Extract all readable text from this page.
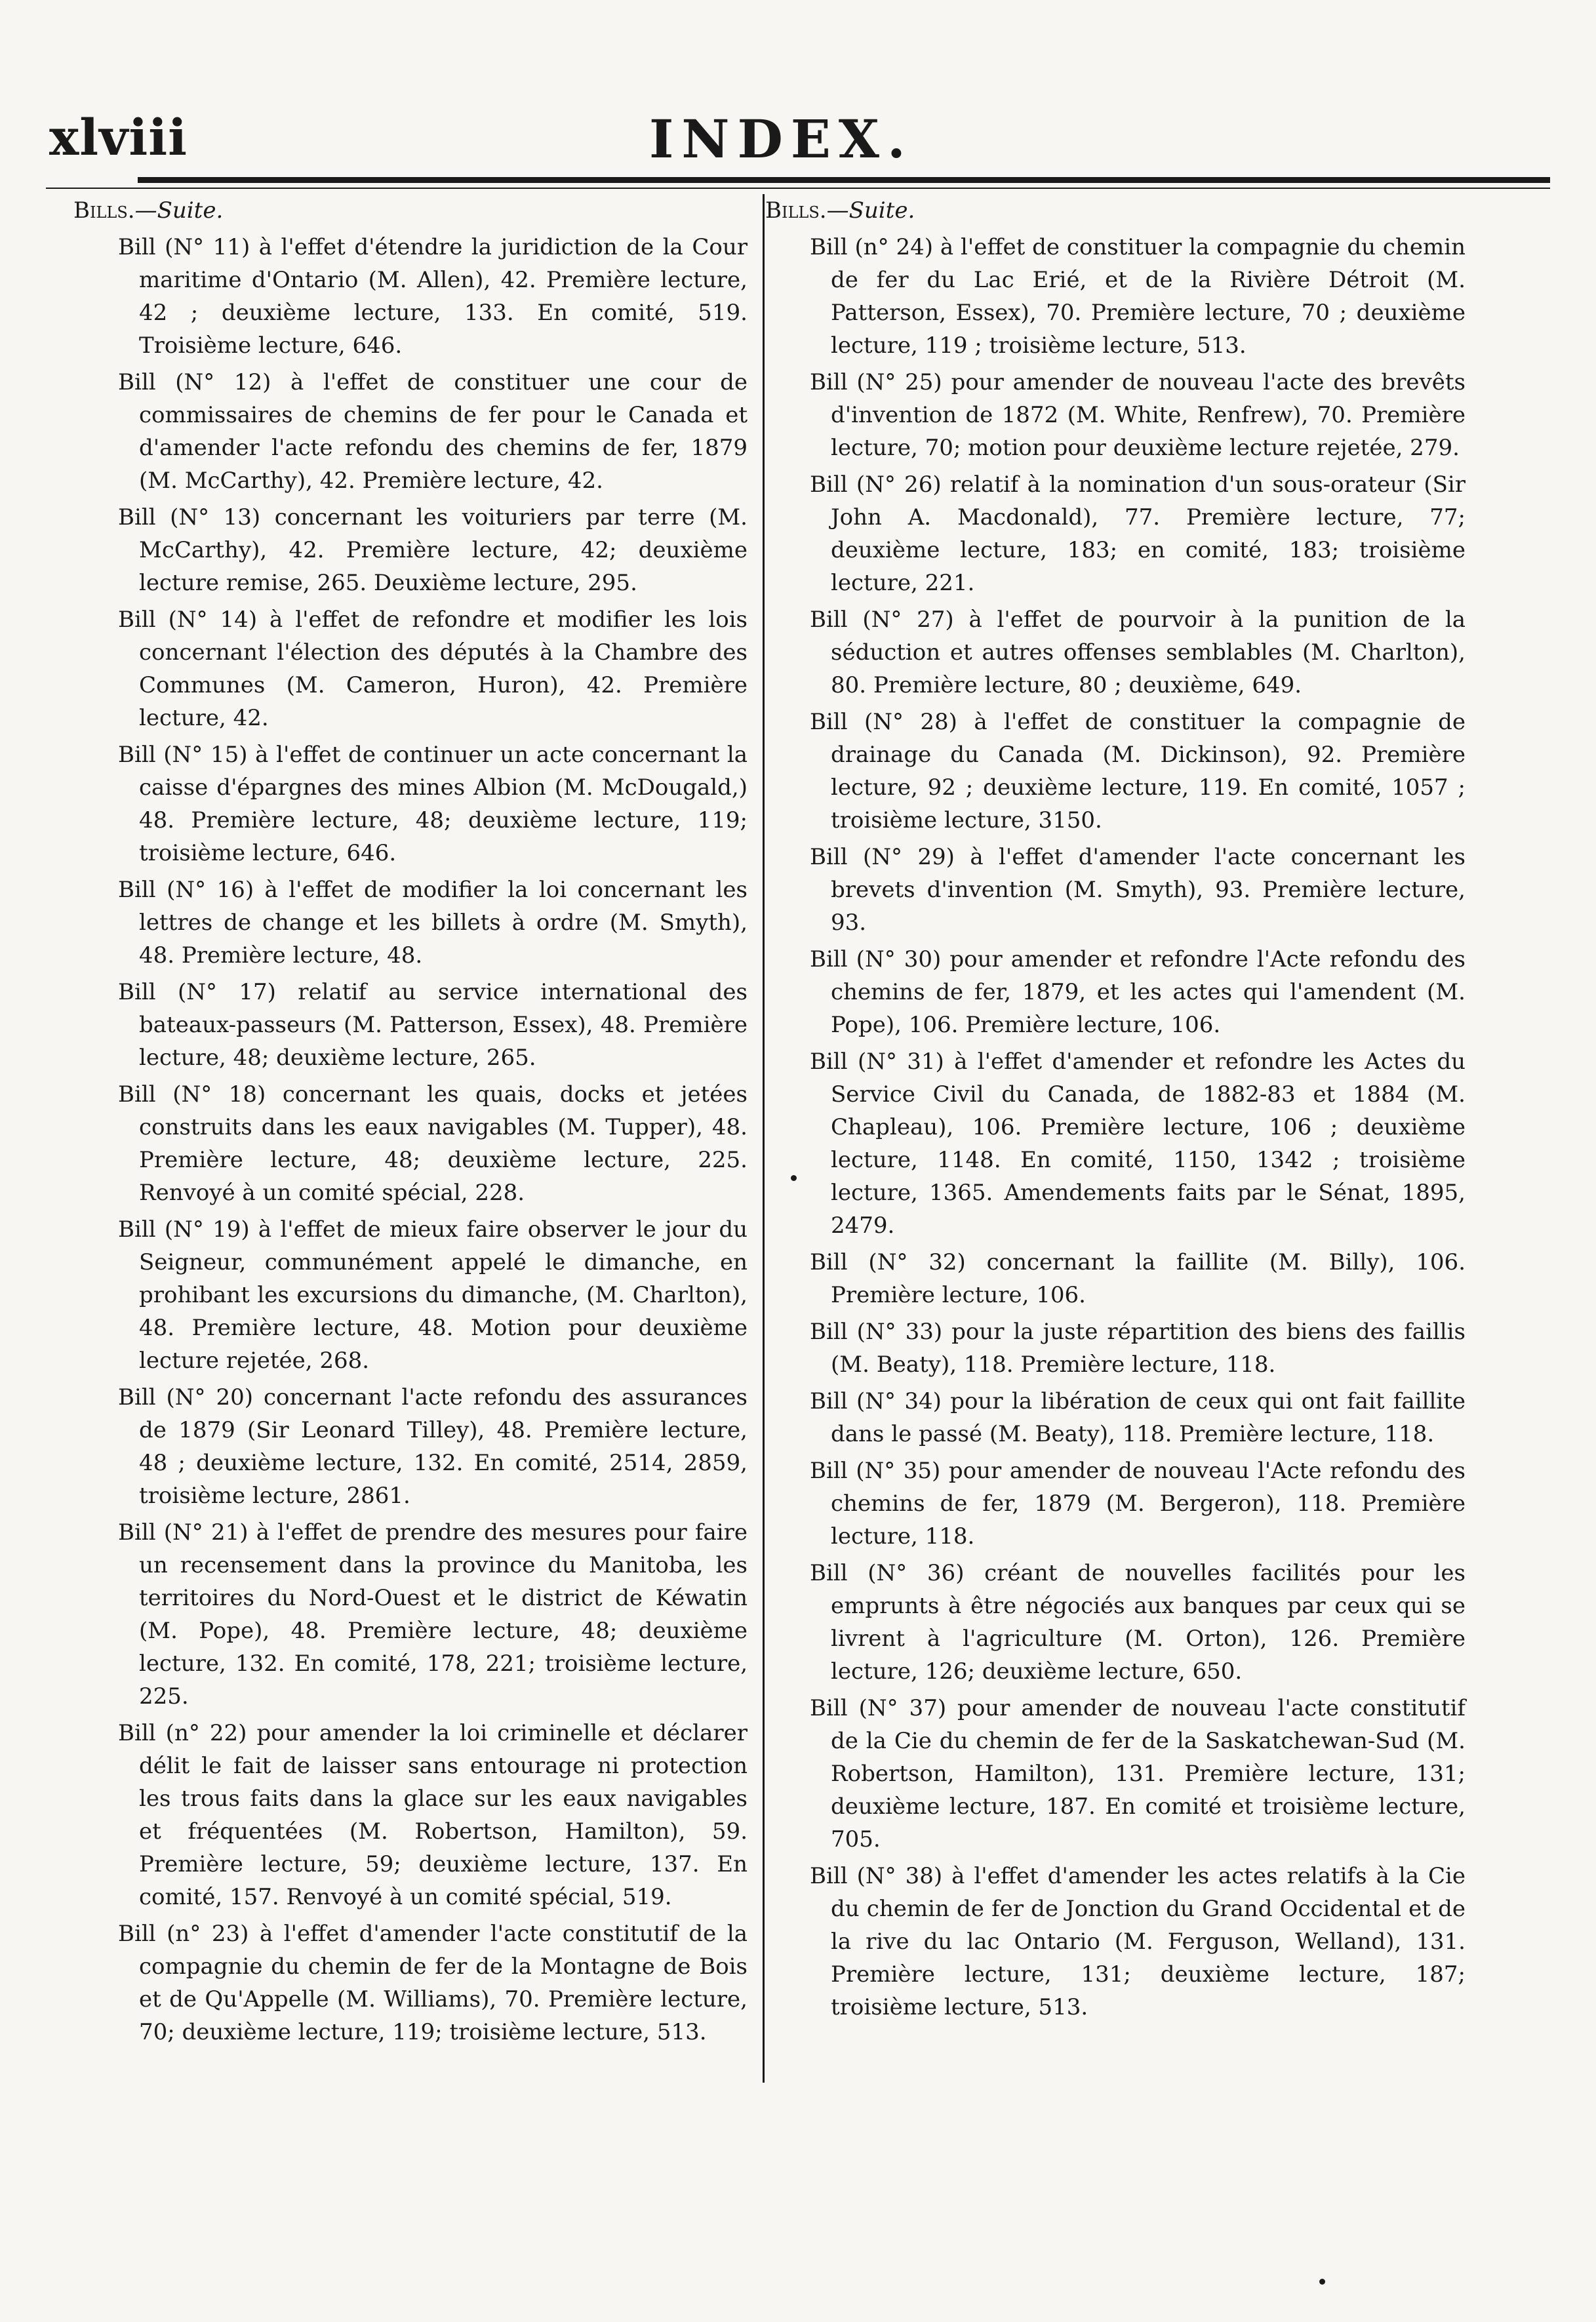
xlviii	INDEX.
Bills.—Suite.

Bill (N° 11) à l'effet d'étendre la juridiction de la Cour maritime d'Ontario (M. Allen), 42. Première lecture, 42 ; deuxième lecture, 133. En comité, 519. Troisième lecture, 646.

Bill (N° 12) à l'effet de constituer une cour de commissaires de chemins de fer pour le Canada et d'amender l'acte refondu des chemins de fer, 1879 (M. McCarthy), 42. Première lecture, 42.

Bill (N° 13) concernant les voituriers par terre (M. McCarthy), 42. Première lecture, 42; deuxième lecture remise, 265. Deuxième lecture, 295.

Bill (N° 14) à l'effet de refondre et modifier les lois concernant l'élection des députés à la Chambre des Communes (M. Cameron, Huron), 42. Première lecture, 42.

Bill (N° 15) à l'effet de continuer un acte concernant la caisse d'épargnes des mines Albion (M. McDougald,) 48. Première lecture, 48; deuxième lecture, 119; troisième lecture, 646.

Bill (N° 16) à l'effet de modifier la loi concernant les lettres de change et les billets à ordre (M. Smyth), 48. Première lecture, 48.

Bill (N° 17) relatif au service international des bateaux-passeurs (M. Patterson, Essex), 48. Première lecture, 48; deuxième lecture, 265.

Bill (N° 18) concernant les quais, docks et jetées construits dans les eaux navigables (M. Tupper), 48. Première lecture, 48; deuxième lecture, 225. Renvoyé à un comité spécial, 228.

Bill (N° 19) à l'effet de mieux faire observer le jour du Seigneur, communément appelé le dimanche, en prohibant les excursions du dimanche, (M. Charlton), 48. Première lecture, 48. Motion pour deuxième lecture rejetée, 268.

Bill (N° 20) concernant l'acte refondu des assurances de 1879 (Sir Leonard Tilley), 48. Première lecture, 48 ; deuxième lecture, 132. En comité, 2514, 2859, troisième lecture, 2861.

Bill (N° 21) à l'effet de prendre des mesures pour faire un recensement dans la province du Manitoba, les territoires du Nord-Ouest et le district de Kéwatin (M. Pope), 48. Première lecture, 48; deuxième lecture, 132. En comité, 178, 221; troisième lecture, 225.

Bill (n° 22) pour amender la loi criminelle et déclarer délit le fait de laisser sans entourage ni protection les trous faits dans la glace sur les eaux navigables et fréquentées (M. Robertson, Hamilton), 59. Première lecture, 59; deuxième lecture, 137. En comité, 157. Renvoyé à un comité spécial, 519.

Bill (n° 23) à l'effet d'amender l'acte constitutif de la compagnie du chemin de fer de la Montagne de Bois et de Qu'Appelle (M. Williams), 70. Première lecture, 70; deuxième lecture, 119; troisième lecture, 513.

Bills.—Suite.

Bill (n° 24) à l'effet de constituer la compagnie du chemin de fer du Lac Erié, et de la Rivière Détroit (M. Patterson, Essex), 70. Première lecture, 70 ; deuxième lecture, 119 ; troisième lecture, 513.

Bill (N° 25) pour amender de nouveau l'acte des brevêts d'invention de 1872 (M. White, Renfrew), 70. Première lecture, 70; motion pour deuxième lecture rejetée, 279.

Bill (N° 26) relatif à la nomination d'un sous-orateur (Sir John A. Macdonald), 77. Première lecture, 77; deuxième lecture, 183; en comité, 183; troisième lecture, 221.

Bill (N° 27) à l'effet de pourvoir à la punition de la séduction et autres offenses semblables (M. Charlton), 80. Première lecture, 80 ; deuxième, 649.

Bill (N° 28) à l'effet de constituer la compagnie de drainage du Canada (M. Dickinson), 92. Première lecture, 92 ; deuxième lecture, 119. En comité, 1057 ; troisième lecture, 3150.

Bill (N° 29) à l'effet d'amender l'acte concernant les brevets d'invention (M. Smyth), 93. Première lecture, 93.

Bill (N° 30) pour amender et refondre l'Acte refondu des chemins de fer, 1879, et les actes qui l'amendent (M. Pope), 106. Première lecture, 106.

Bill (N° 31) à l'effet d'amender et refondre les Actes du Service Civil du Canada, de 1882-83 et 1884 (M. Chapleau), 106. Première lecture, 106 ; deuxième lecture, 1148. En comité, 1150, 1342 ; troisième lecture, 1365. Amendements faits par le Sénat, 1895, 2479.

Bill (N° 32) concernant la faillite (M. Billy), 106. Première lecture, 106.

Bill (N° 33) pour la juste répartition des biens des faillis (M. Beaty), 118. Première lecture, 118.

Bill (N° 34) pour la libération de ceux qui ont fait faillite dans le passé (M. Beaty), 118. Première lecture, 118.

Bill (N° 35) pour amender de nouveau l'Acte refondu des chemins de fer, 1879 (M. Bergeron), 118. Première lecture, 118.

Bill (N° 36) créant de nouvelles facilités pour les emprunts à être négociés aux banques par ceux qui se livrent à l'agriculture (M. Orton), 126. Première lecture, 126; deuxième lecture, 650.

Bill (N° 37) pour amender de nouveau l'acte constitutif de la Cie du chemin de fer de la Saskatchewan-Sud (M. Robertson, Hamilton), 131. Première lecture, 131; deuxième lecture, 187. En comité et troisième lecture, 705.

Bill (N° 38) à l'effet d'amender les actes relatifs à la Cie du chemin de fer de Jonction du Grand Occidental et de la rive du lac Ontario (M. Ferguson, Welland), 131. Première lecture, 131; deuxième lecture, 187; troisième lecture, 513.
